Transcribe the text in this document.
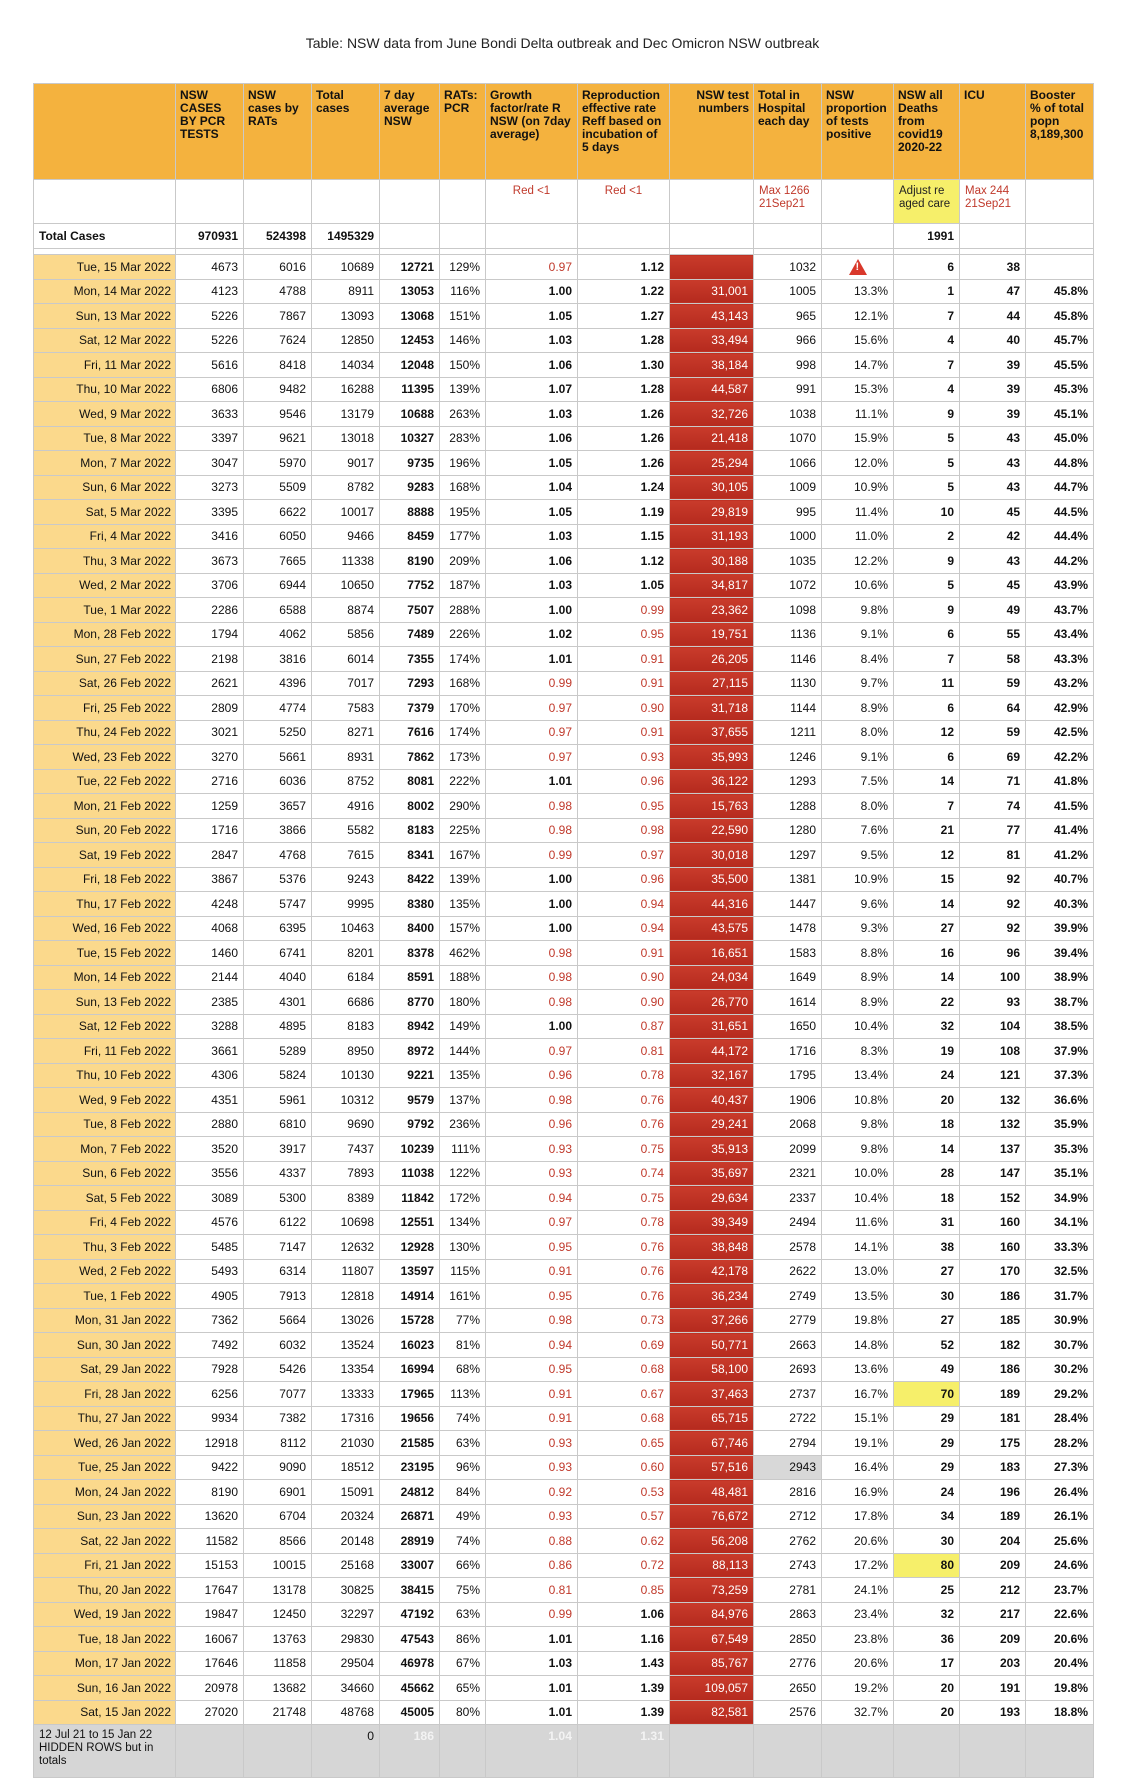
Table: NSW data from June Bondi Delta outbreak and Dec Omicron NSW outbreak
	NSW CASES BY PCR TESTS	NSW cases by RATs	Total cases	7 day average NSW	RATs: PCR	Growth factor/rate R NSW (on 7day average)	Reproduction effective rate Reff based on incubation of 5 days	NSW test numbers	Total in Hospital each day	NSW proportion of tests positive	NSW all Deaths from covid19 2020-22	ICU	Booster % of total popn 8,189,300
						Red <1	Red <1		Max 1266 21Sep21		Adjust re aged care	Max 244 21Sep21	
Total Cases	970931	524398	1495329								1991		

Tue, 15 Mar 2022	4673	6016	10689	12721	129%	0.97	1.12		1032	!	6	38	
Mon, 14 Mar 2022	4123	4788	8911	13053	116%	1.00	1.22	31,001	1005	13.3%	1	47	45.8%
Sun, 13 Mar 2022	5226	7867	13093	13068	151%	1.05	1.27	43,143	965	12.1%	7	44	45.8%
Sat, 12 Mar 2022	5226	7624	12850	12453	146%	1.03	1.28	33,494	966	15.6%	4	40	45.7%
Fri, 11 Mar 2022	5616	8418	14034	12048	150%	1.06	1.30	38,184	998	14.7%	7	39	45.5%
Thu, 10 Mar 2022	6806	9482	16288	11395	139%	1.07	1.28	44,587	991	15.3%	4	39	45.3%
Wed, 9 Mar 2022	3633	9546	13179	10688	263%	1.03	1.26	32,726	1038	11.1%	9	39	45.1%
Tue, 8 Mar 2022	3397	9621	13018	10327	283%	1.06	1.26	21,418	1070	15.9%	5	43	45.0%
Mon, 7 Mar 2022	3047	5970	9017	9735	196%	1.05	1.26	25,294	1066	12.0%	5	43	44.8%
Sun, 6 Mar 2022	3273	5509	8782	9283	168%	1.04	1.24	30,105	1009	10.9%	5	43	44.7%
Sat, 5 Mar 2022	3395	6622	10017	8888	195%	1.05	1.19	29,819	995	11.4%	10	45	44.5%
Fri, 4 Mar 2022	3416	6050	9466	8459	177%	1.03	1.15	31,193	1000	11.0%	2	42	44.4%
Thu, 3 Mar 2022	3673	7665	11338	8190	209%	1.06	1.12	30,188	1035	12.2%	9	43	44.2%
Wed, 2 Mar 2022	3706	6944	10650	7752	187%	1.03	1.05	34,817	1072	10.6%	5	45	43.9%
Tue, 1 Mar 2022	2286	6588	8874	7507	288%	1.00	0.99	23,362	1098	9.8%	9	49	43.7%
Mon, 28 Feb 2022	1794	4062	5856	7489	226%	1.02	0.95	19,751	1136	9.1%	6	55	43.4%
Sun, 27 Feb 2022	2198	3816	6014	7355	174%	1.01	0.91	26,205	1146	8.4%	7	58	43.3%
Sat, 26 Feb 2022	2621	4396	7017	7293	168%	0.99	0.91	27,115	1130	9.7%	11	59	43.2%
Fri, 25 Feb 2022	2809	4774	7583	7379	170%	0.97	0.90	31,718	1144	8.9%	6	64	42.9%
Thu, 24 Feb 2022	3021	5250	8271	7616	174%	0.97	0.91	37,655	1211	8.0%	12	59	42.5%
Wed, 23 Feb 2022	3270	5661	8931	7862	173%	0.97	0.93	35,993	1246	9.1%	6	69	42.2%
Tue, 22 Feb 2022	2716	6036	8752	8081	222%	1.01	0.96	36,122	1293	7.5%	14	71	41.8%
Mon, 21 Feb 2022	1259	3657	4916	8002	290%	0.98	0.95	15,763	1288	8.0%	7	74	41.5%
Sun, 20 Feb 2022	1716	3866	5582	8183	225%	0.98	0.98	22,590	1280	7.6%	21	77	41.4%
Sat, 19 Feb 2022	2847	4768	7615	8341	167%	0.99	0.97	30,018	1297	9.5%	12	81	41.2%
Fri, 18 Feb 2022	3867	5376	9243	8422	139%	1.00	0.96	35,500	1381	10.9%	15	92	40.7%
Thu, 17 Feb 2022	4248	5747	9995	8380	135%	1.00	0.94	44,316	1447	9.6%	14	92	40.3%
Wed, 16 Feb 2022	4068	6395	10463	8400	157%	1.00	0.94	43,575	1478	9.3%	27	92	39.9%
Tue, 15 Feb 2022	1460	6741	8201	8378	462%	0.98	0.91	16,651	1583	8.8%	16	96	39.4%
Mon, 14 Feb 2022	2144	4040	6184	8591	188%	0.98	0.90	24,034	1649	8.9%	14	100	38.9%
Sun, 13 Feb 2022	2385	4301	6686	8770	180%	0.98	0.90	26,770	1614	8.9%	22	93	38.7%
Sat, 12 Feb 2022	3288	4895	8183	8942	149%	1.00	0.87	31,651	1650	10.4%	32	104	38.5%
Fri, 11 Feb 2022	3661	5289	8950	8972	144%	0.97	0.81	44,172	1716	8.3%	19	108	37.9%
Thu, 10 Feb 2022	4306	5824	10130	9221	135%	0.96	0.78	32,167	1795	13.4%	24	121	37.3%
Wed, 9 Feb 2022	4351	5961	10312	9579	137%	0.98	0.76	40,437	1906	10.8%	20	132	36.6%
Tue, 8 Feb 2022	2880	6810	9690	9792	236%	0.96	0.76	29,241	2068	9.8%	18	132	35.9%
Mon, 7 Feb 2022	3520	3917	7437	10239	111%	0.93	0.75	35,913	2099	9.8%	14	137	35.3%
Sun, 6 Feb 2022	3556	4337	7893	11038	122%	0.93	0.74	35,697	2321	10.0%	28	147	35.1%
Sat, 5 Feb 2022	3089	5300	8389	11842	172%	0.94	0.75	29,634	2337	10.4%	18	152	34.9%
Fri, 4 Feb 2022	4576	6122	10698	12551	134%	0.97	0.78	39,349	2494	11.6%	31	160	34.1%
Thu, 3 Feb 2022	5485	7147	12632	12928	130%	0.95	0.76	38,848	2578	14.1%	38	160	33.3%
Wed, 2 Feb 2022	5493	6314	11807	13597	115%	0.91	0.76	42,178	2622	13.0%	27	170	32.5%
Tue, 1 Feb 2022	4905	7913	12818	14914	161%	0.95	0.76	36,234	2749	13.5%	30	186	31.7%
Mon, 31 Jan 2022	7362	5664	13026	15728	77%	0.98	0.73	37,266	2779	19.8%	27	185	30.9%
Sun, 30 Jan 2022	7492	6032	13524	16023	81%	0.94	0.69	50,771	2663	14.8%	52	182	30.7%
Sat, 29 Jan 2022	7928	5426	13354	16994	68%	0.95	0.68	58,100	2693	13.6%	49	186	30.2%
Fri, 28 Jan 2022	6256	7077	13333	17965	113%	0.91	0.67	37,463	2737	16.7%	70	189	29.2%
Thu, 27 Jan 2022	9934	7382	17316	19656	74%	0.91	0.68	65,715	2722	15.1%	29	181	28.4%
Wed, 26 Jan 2022	12918	8112	21030	21585	63%	0.93	0.65	67,746	2794	19.1%	29	175	28.2%
Tue, 25 Jan 2022	9422	9090	18512	23195	96%	0.93	0.60	57,516	2943	16.4%	29	183	27.3%
Mon, 24 Jan 2022	8190	6901	15091	24812	84%	0.92	0.53	48,481	2816	16.9%	24	196	26.4%
Sun, 23 Jan 2022	13620	6704	20324	26871	49%	0.93	0.57	76,672	2712	17.8%	34	189	26.1%
Sat, 22 Jan 2022	11582	8566	20148	28919	74%	0.88	0.62	56,208	2762	20.6%	30	204	25.6%
Fri, 21 Jan 2022	15153	10015	25168	33007	66%	0.86	0.72	88,113	2743	17.2%	80	209	24.6%
Thu, 20 Jan 2022	17647	13178	30825	38415	75%	0.81	0.85	73,259	2781	24.1%	25	212	23.7%
Wed, 19 Jan 2022	19847	12450	32297	47192	63%	0.99	1.06	84,976	2863	23.4%	32	217	22.6%
Tue, 18 Jan 2022	16067	13763	29830	47543	86%	1.01	1.16	67,549	2850	23.8%	36	209	20.6%
Mon, 17 Jan 2022	17646	11858	29504	46978	67%	1.03	1.43	85,767	2776	20.6%	17	203	20.4%
Sun, 16 Jan 2022	20978	13682	34660	45662	65%	1.01	1.39	109,057	2650	19.2%	20	191	19.8%
Sat, 15 Jan 2022	27020	21748	48768	45005	80%	1.01	1.39	82,581	2576	32.7%	20	193	18.8%
12 Jul 21 to 15 Jan 22 HIDDEN ROWS but in totals			0	186		1.04	1.31						
